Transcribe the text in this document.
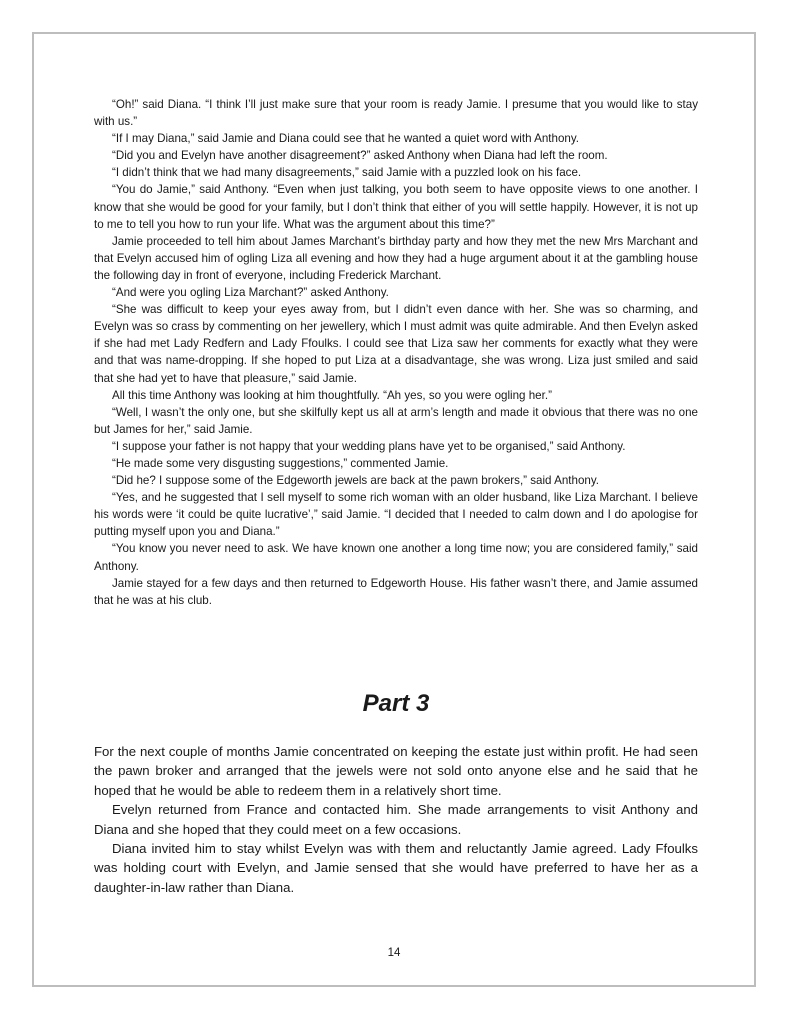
“Oh!” said Diana. “I think I’ll just make sure that your room is ready Jamie. I presume that you would like to stay with us.”

“If I may Diana,” said Jamie and Diana could see that he wanted a quiet word with Anthony.

“Did you and Evelyn have another disagreement?” asked Anthony when Diana had left the room.

“I didn’t think that we had many disagreements,” said Jamie with a puzzled look on his face.

“You do Jamie,” said Anthony. “Even when just talking, you both seem to have opposite views to one another. I know that she would be good for your family, but I don’t think that either of you will settle happily. However, it is not up to me to tell you how to run your life. What was the argument about this time?”

Jamie proceeded to tell him about James Marchant’s birthday party and how they met the new Mrs Marchant and that Evelyn accused him of ogling Liza all evening and how they had a huge argument about it at the gambling house the following day in front of everyone, including Frederick Marchant.

“And were you ogling Liza Marchant?” asked Anthony.

“She was difficult to keep your eyes away from, but I didn’t even dance with her. She was so charming, and Evelyn was so crass by commenting on her jewellery, which I must admit was quite admirable. And then Evelyn asked if she had met Lady Redfern and Lady Ffoulks. I could see that Liza saw her comments for exactly what they were and that was name-dropping. If she hoped to put Liza at a disadvantage, she was wrong. Liza just smiled and said that she had yet to have that pleasure,” said Jamie.

All this time Anthony was looking at him thoughtfully. “Ah yes, so you were ogling her.”

“Well, I wasn’t the only one, but she skilfully kept us all at arm’s length and made it obvious that there was no one but James for her,” said Jamie.

“I suppose your father is not happy that your wedding plans have yet to be organised,” said Anthony.

“He made some very disgusting suggestions,” commented Jamie.

“Did he? I suppose some of the Edgeworth jewels are back at the pawn brokers,” said Anthony.

“Yes, and he suggested that I sell myself to some rich woman with an older husband, like Liza Marchant. I believe his words were ‘it could be quite lucrative’,” said Jamie. “I decided that I needed to calm down and I do apologise for putting myself upon you and Diana.”

“You know you never need to ask. We have known one another a long time now; you are considered family,” said Anthony.

Jamie stayed for a few days and then returned to Edgeworth House. His father wasn’t there, and Jamie assumed that he was at his club.

Part 3

For the next couple of months Jamie concentrated on keeping the estate just within profit. He had seen the pawn broker and arranged that the jewels were not sold onto anyone else and he said that he hoped that he would be able to redeem them in a relatively short time.

Evelyn returned from France and contacted him. She made arrangements to visit Anthony and Diana and she hoped that they could meet on a few occasions.

Diana invited him to stay whilst Evelyn was with them and reluctantly Jamie agreed. Lady Ffoulks was holding court with Evelyn, and Jamie sensed that she would have preferred to have her as a daughter-in-law rather than Diana.

14
